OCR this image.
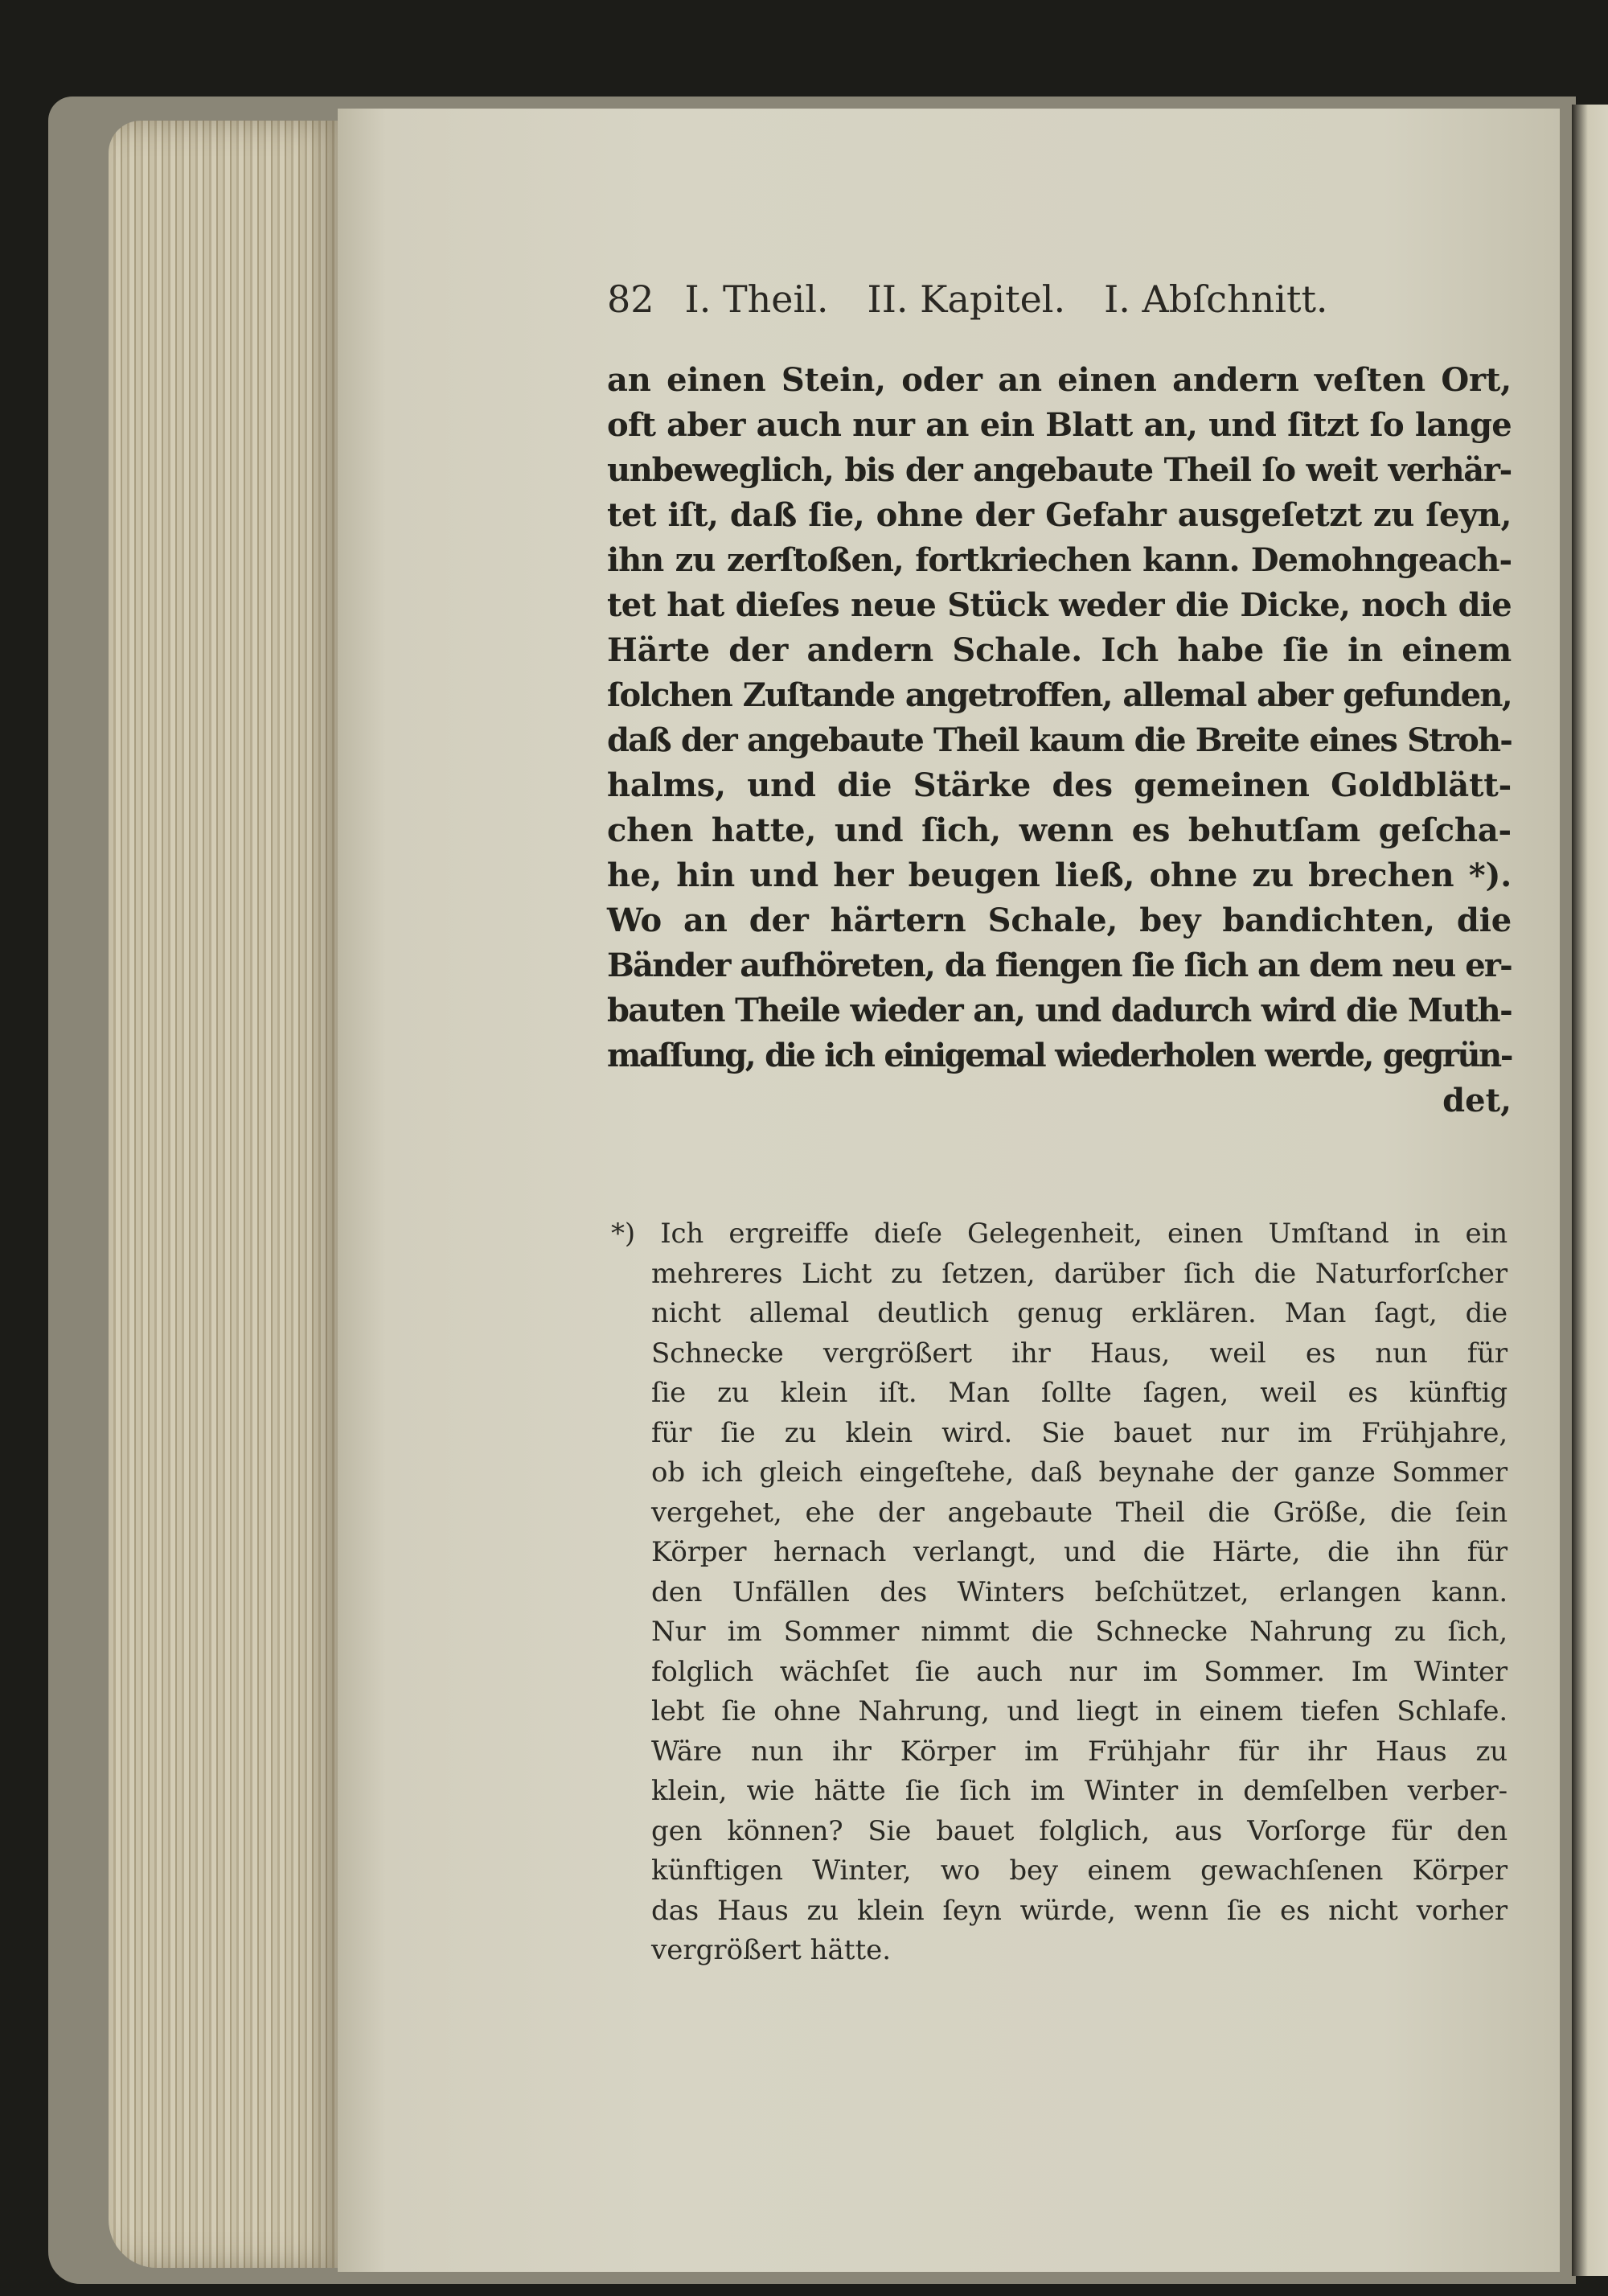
82 I. Theil. II. Kapitel. I. Abſchnitt.
an einen Stein, oder an einen andern veſten Ort,
oft aber auch nur an ein Blatt an, und ſitzt ſo lange
unbeweglich, bis der angebaute Theil ſo weit verhär-
tet iſt, daß ſie, ohne der Gefahr ausgeſetzt zu ſeyn,
ihn zu zerſtoßen, fortkriechen kann. Demohngeach-
tet hat dieſes neue Stück weder die Dicke, noch die
Härte der andern Schale. Ich habe ſie in einem
ſolchen Zuſtande angetroffen, allemal aber gefunden,
daß der angebaute Theil kaum die Breite eines Stroh-
halms, und die Stärke des gemeinen Goldblätt-
chen hatte, und ſich, wenn es behutſam geſcha-
he, hin und her beugen ließ, ohne zu brechen *).
Wo an der härtern Schale, bey bandichten, die
Bänder aufhöreten, da fiengen ſie ſich an dem neu er-
bauten Theile wieder an, und dadurch wird die Muth-
maſſung, die ich einigemal wiederholen werde, gegrün-
det,
*) Ich ergreiffe dieſe Gelegenheit, einen Umſtand in ein
mehreres Licht zu ſetzen, darüber ſich die Naturforſcher
nicht allemal deutlich genug erklären. Man ſagt, die
Schnecke vergrößert ihr Haus, weil es nun für
ſie zu klein iſt. Man ſollte ſagen, weil es künftig
für ſie zu klein wird. Sie bauet nur im Frühjahre,
ob ich gleich eingeſtehe, daß beynahe der ganze Sommer
vergehet, ehe der angebaute Theil die Größe, die ſein
Körper hernach verlangt, und die Härte, die ihn für
den Unfällen des Winters beſchützet, erlangen kann.
Nur im Sommer nimmt die Schnecke Nahrung zu ſich,
folglich wächſet ſie auch nur im Sommer. Im Winter
lebt ſie ohne Nahrung, und liegt in einem tiefen Schlafe.
Wäre nun ihr Körper im Frühjahr für ihr Haus zu
klein, wie hätte ſie ſich im Winter in demſelben verber-
gen können? Sie bauet folglich, aus Vorſorge für den
künftigen Winter, wo bey einem gewachſenen Körper
das Haus zu klein ſeyn würde, wenn ſie es nicht vorher
vergrößert hätte.
